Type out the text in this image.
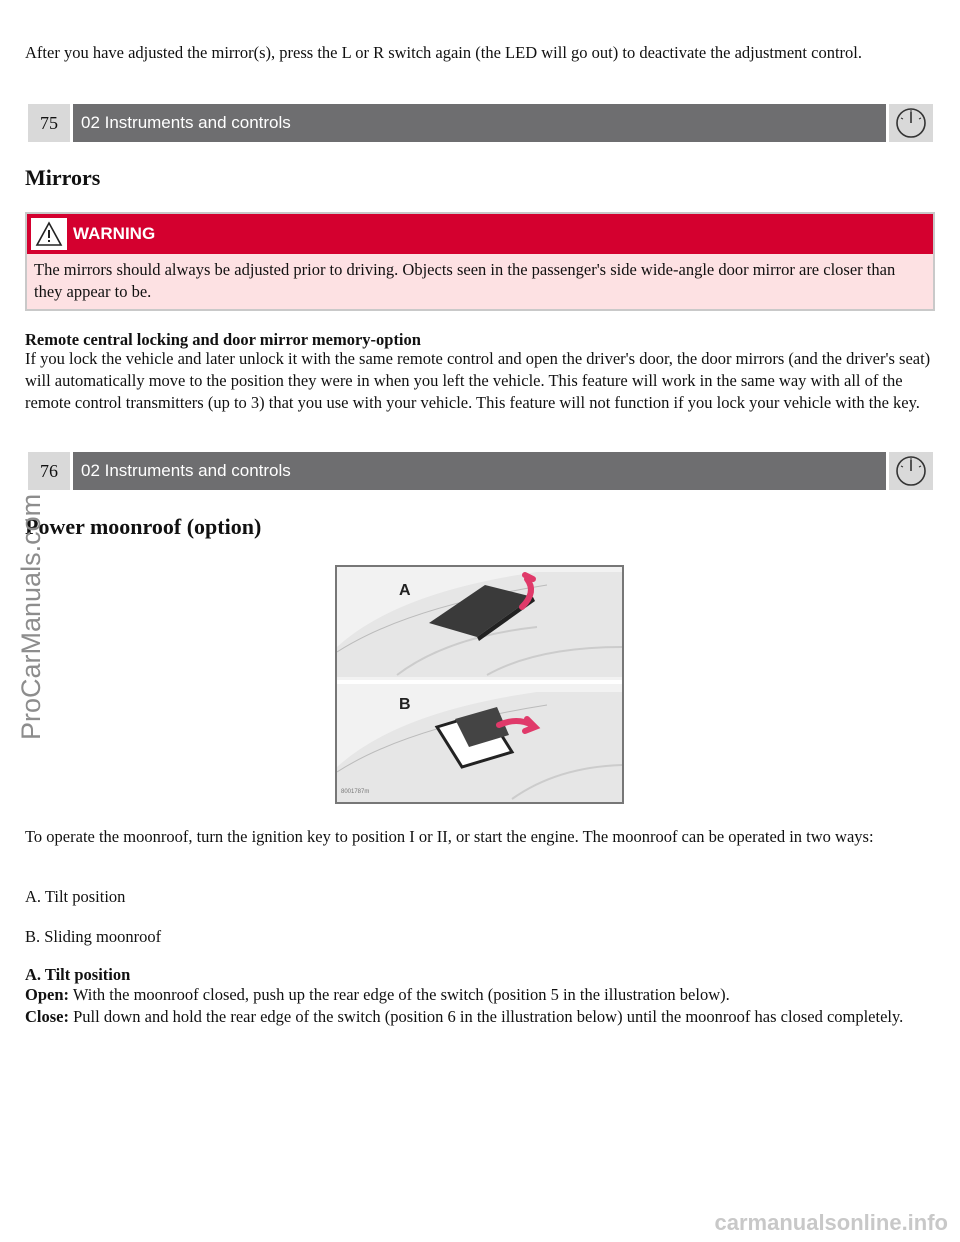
After you have adjusted the mirror(s), press the L or R switch again (the LED will go out) to deactivate the adjustment control.

75	02 Instruments and controls
Mirrors
WARNING
The mirrors should always be adjusted prior to driving. Objects seen in the passenger's side wide-angle door mirror are closer than they appear to be.

Remote central locking and door mirror memory-option

If you lock the vehicle and later unlock it with the same remote control and open the driver's door, the door mirrors (and the driver's seat) will automatically move to the position they were in when you left the vehicle. This feature will work in the same way with all of the remote control transmitters (up to 3) that you use with your vehicle. This feature will not function if you lock your vehicle with the key.

76	02 Instruments and controls
Power moonroof (option)
A
B
8001787m

To operate the moonroof, turn the ignition key to position I or II, or start the engine. The moonroof can be operated in two ways:

A. Tilt position

B. Sliding moonroof

A. Tilt position

Open: With the moonroof closed, push up the rear edge of the switch (position 5 in the illustration below).

Close: Pull down and hold the rear edge of the switch (position 6 in the illustration below) until the moonroof has closed completely.

ProCarManuals.com
carmanualsonline.info
